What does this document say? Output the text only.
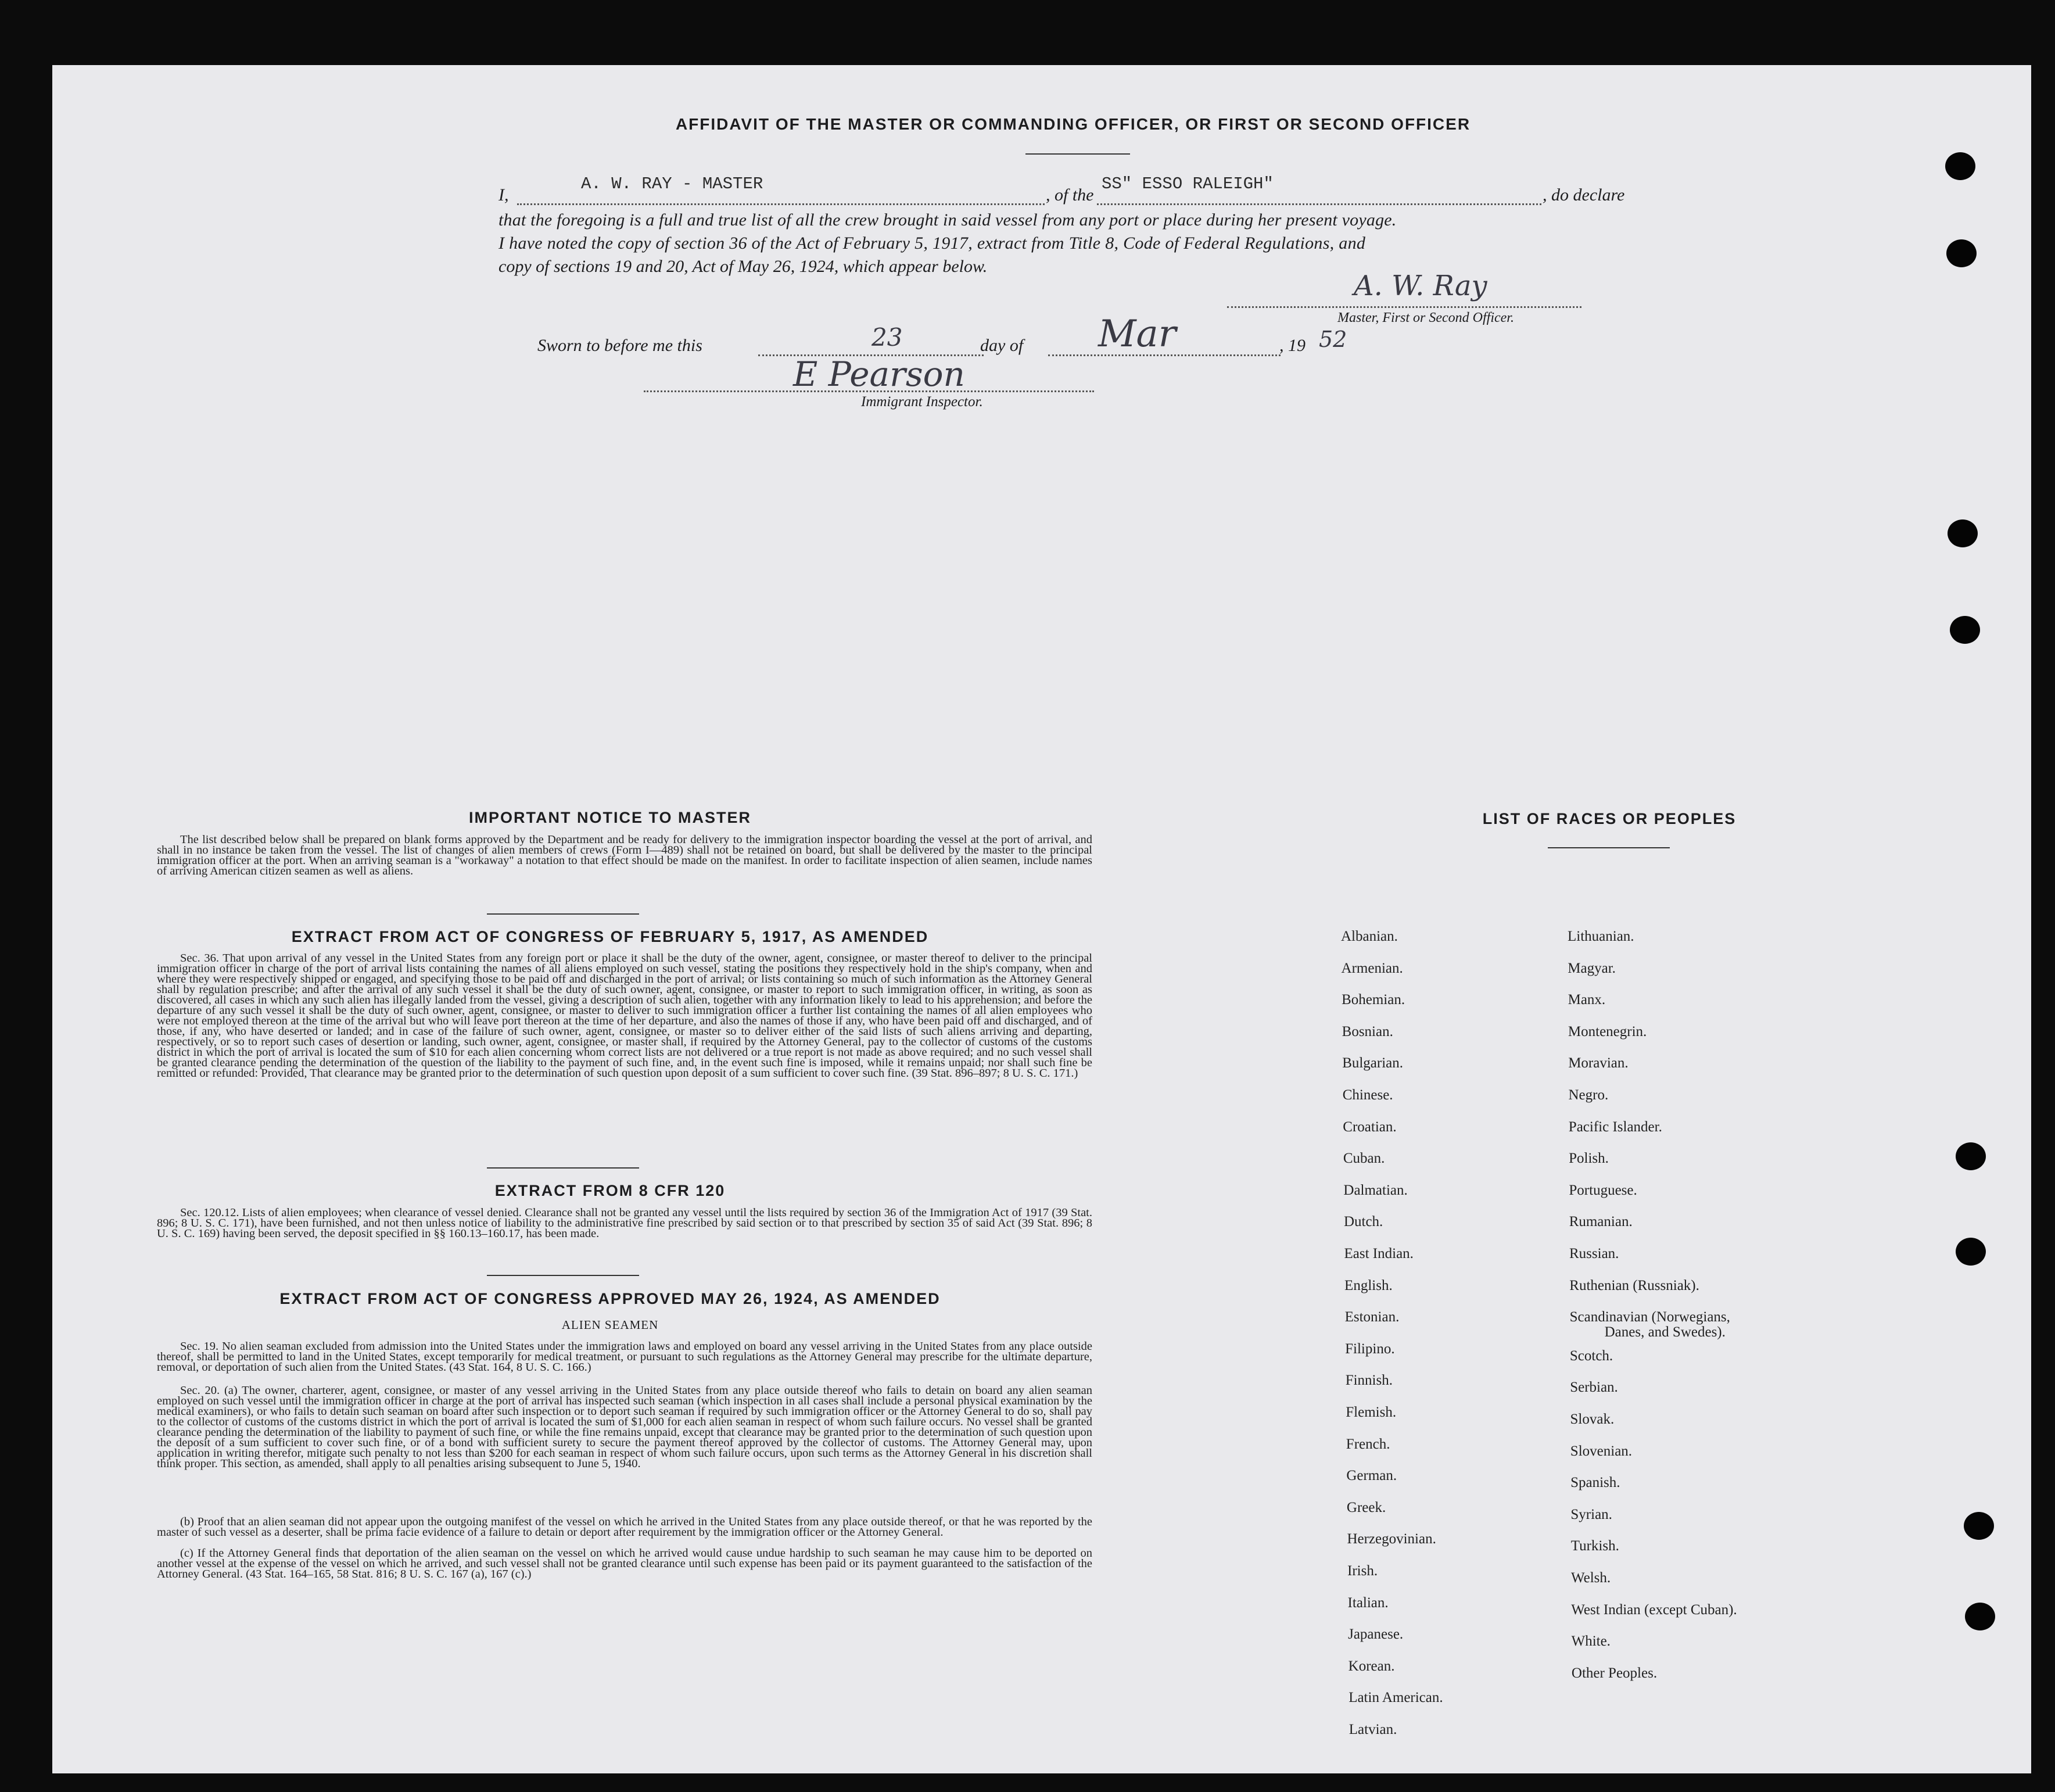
AFFIDAVIT OF THE MASTER OR COMMANDING OFFICER, OR FIRST OR SECOND OFFICER
I,
A. W. RAY - MASTER
, of the
SS" ESSO RALEIGH"
, do declare
that the foregoing is a full and true list of all the crew brought in said vessel from any port or place during her present voyage.
I have noted the copy of section 36 of the Act of February 5, 1917, extract from Title 8, Code of Federal Regulations, and
copy of sections 19 and 20, Act of May 26, 1924, which appear below.
A. W. Ray
Master, First or Second Officer.
Sworn to before me this	23	day of Mar	, 19 52
E Pearson
Immigrant Inspector.
IMPORTANT NOTICE TO MASTER
The list described below shall be prepared on blank forms approved by the Department and be ready for delivery to the immigration inspector boarding the vessel at the port of arrival, and shall in no instance be taken from the vessel. The list of changes of alien members of crews (Form I—489) shall not be retained on board, but shall be delivered by the master to the principal immigration officer at the port. When an arriving seaman is a "workaway" a notation to that effect should be made on the manifest. In order to facilitate inspection of alien seamen, include names of arriving American citizen seamen as well as aliens.
EXTRACT FROM ACT OF CONGRESS OF FEBRUARY 5, 1917, AS AMENDED
Sec. 36. That upon arrival of any vessel in the United States from any foreign port or place it shall be the duty of the owner, agent, consignee, or master thereof to deliver to the principal immigration officer in charge of the port of arrival lists containing the names of all aliens employed on such vessel, stating the positions they respectively hold in the ship's company, when and where they were respectively shipped or engaged, and specifying those to be paid off and discharged in the port of arrival; or lists containing so much of such information as the Attorney General shall by regulation prescribe; and after the arrival of any such vessel it shall be the duty of such owner, agent, consignee, or master to report to such immigration officer, in writing, as soon as discovered, all cases in which any such alien has illegally landed from the vessel, giving a description of such alien, together with any information likely to lead to his apprehension; and before the departure of any such vessel it shall be the duty of such owner, agent, consignee, or master to deliver to such immigration officer a further list containing the names of all alien employees who were not employed thereon at the time of the arrival but who will leave port thereon at the time of her departure, and also the names of those if any, who have been paid off and discharged, and of those, if any, who have deserted or landed; and in case of the failure of such owner, agent, consignee, or master so to deliver either of the said lists of such aliens arriving and departing, respectively, or so to report such cases of desertion or landing, such owner, agent, consignee, or master shall, if required by the Attorney General, pay to the collector of customs of the customs district in which the port of arrival is located the sum of $10 for each alien concerning whom correct lists are not delivered or a true report is not made as above required; and no such vessel shall be granted clearance pending the determination of the question of the liability to the payment of such fine, and, in the event such fine is imposed, while it remains unpaid; nor shall such fine be remitted or refunded: Provided, That clearance may be granted prior to the determination of such question upon deposit of a sum sufficient to cover such fine. (39 Stat. 896–897; 8 U. S. C. 171.)
EXTRACT FROM 8 CFR 120
Sec. 120.12. Lists of alien employees; when clearance of vessel denied. Clearance shall not be granted any vessel until the lists required by section 36 of the Immigration Act of 1917 (39 Stat. 896; 8 U. S. C. 171), have been furnished, and not then unless notice of liability to the administrative fine prescribed by said section or to that prescribed by section 35 of said Act (39 Stat. 896; 8 U. S. C. 169) having been served, the deposit specified in §§ 160.13–160.17, has been made.
EXTRACT FROM ACT OF CONGRESS APPROVED MAY 26, 1924, AS AMENDED
ALIEN SEAMEN
Sec. 19. No alien seaman excluded from admission into the United States under the immigration laws and employed on board any vessel arriving in the United States from any place outside thereof, shall be permitted to land in the United States, except temporarily for medical treatment, or pursuant to such regulations as the Attorney General may prescribe for the ultimate departure, removal, or deportation of such alien from the United States. (43 Stat. 164, 8 U. S. C. 166.)
Sec. 20. (a) The owner, charterer, agent, consignee, or master of any vessel arriving in the United States from any place outside thereof who fails to detain on board any alien seaman employed on such vessel until the immigration officer in charge at the port of arrival has inspected such seaman (which inspection in all cases shall include a personal physical examination by the medical examiners), or who fails to detain such seaman on board after such inspection or to deport such seaman if required by such immigration officer or the Attorney General to do so, shall pay to the collector of customs of the customs district in which the port of arrival is located the sum of $1,000 for each alien seaman in respect of whom such failure occurs. No vessel shall be granted clearance pending the determination of the liability to payment of such fine, or while the fine remains unpaid, except that clearance may be granted prior to the determination of such question upon the deposit of a sum sufficient to cover such fine, or of a bond with sufficient surety to secure the payment thereof approved by the collector of customs. The Attorney General may, upon application in writing therefor, mitigate such penalty to not less than $200 for each seaman in respect of whom such failure occurs, upon such terms as the Attorney General in his discretion shall think proper. This section, as amended, shall apply to all penalties arising subsequent to June 5, 1940.
(b) Proof that an alien seaman did not appear upon the outgoing manifest of the vessel on which he arrived in the United States from any place outside thereof, or that he was reported by the master of such vessel as a deserter, shall be prima facie evidence of a failure to detain or deport after requirement by the immigration officer or the Attorney General.
(c) If the Attorney General finds that deportation of the alien seaman on the vessel on which he arrived would cause undue hardship to such seaman he may cause him to be deported on another vessel at the expense of the vessel on which he arrived, and such vessel shall not be granted clearance until such expense has been paid or its payment guaranteed to the satisfaction of the Attorney General. (43 Stat. 164–165, 58 Stat. 816; 8 U. S. C. 167 (a), 167 (c).)
LIST OF RACES OR PEOPLES
Albanian.
Armenian.
Bohemian.
Bosnian.
Bulgarian.
Chinese.
Croatian.
Cuban.
Dalmatian.
Dutch.
East Indian.
English.
Estonian.
Filipino.
Finnish.
Flemish.
French.
German.
Greek.
Herzegovinian.
Irish.
Italian.
Japanese.
Korean.
Latin American.
Latvian.
Lithuanian.
Magyar.
Manx.
Montenegrin.
Moravian.
Negro.
Pacific Islander.
Polish.
Portuguese.
Rumanian.
Russian.
Ruthenian (Russniak).
Scandinavian (Norwegians,
Danes, and Swedes).
Scotch.
Serbian.
Slovak.
Slovenian.
Spanish.
Syrian.
Turkish.
Welsh.
West Indian (except Cuban).
White.
Other Peoples.
